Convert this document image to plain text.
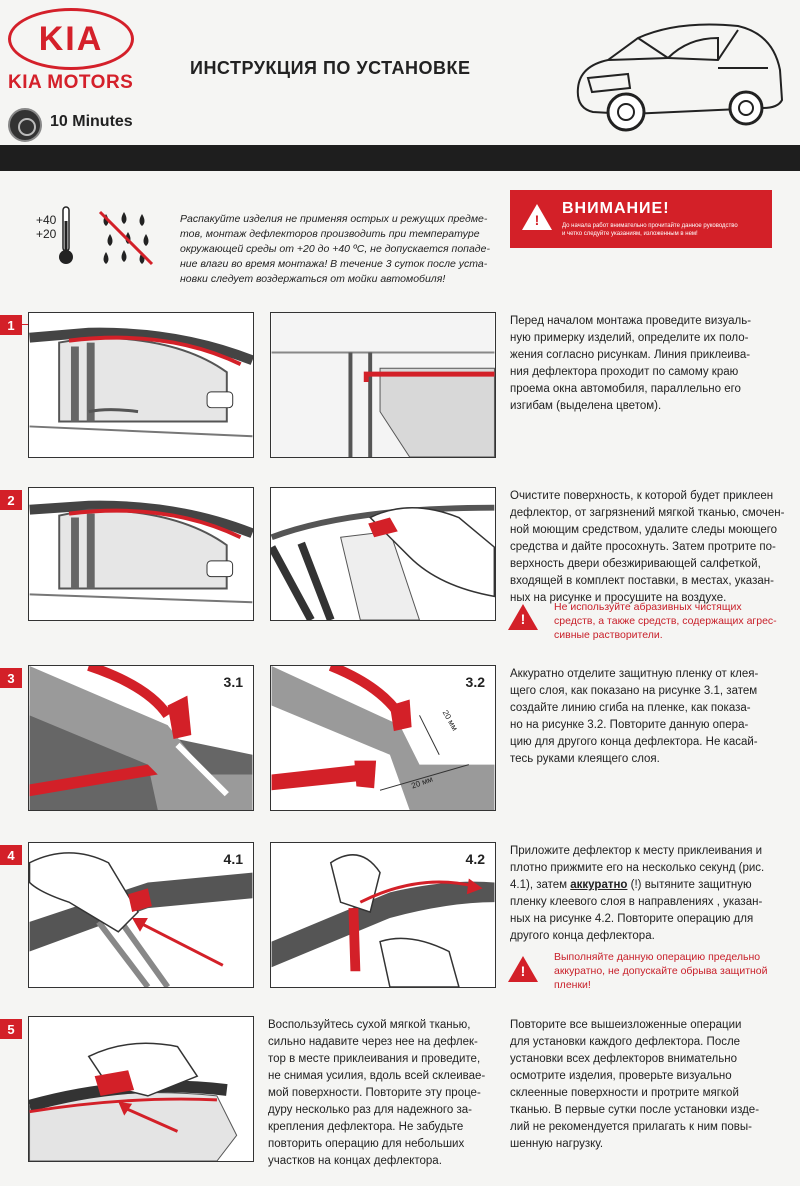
KIA
KIA MOTORS
10 Minutes
ИНСТРУКЦИЯ ПО УСТАНОВКЕ
+40
+20
Распакуйте изделия не применяя острых и режущих предме-
тов, монтаж дефлекторов производить при температуре
окружающей среды от +20 до +40 ºС, не допускается попаде-
ние влаги во время монтажа! В течение 3 суток после уста-
новки следует воздержаться от мойки автомобиля!
!
ВНИМАНИЕ!
До начала работ внимательно прочитайте данное руководство
и четко следуйте указаниям, изложенным в нем!
1	Перед началом монтажа проведите визуаль-
ную примерку изделий, определите их поло-
жения согласно рисункам. Линия приклеива-
ния дефлектора проходит по самому краю
проема окна автомобиля, параллельно его
изгибам (выделена цветом).
2	Очистите поверхность, к которой будет приклеен
дефлектор, от загрязнений мягкой тканью, смочен-
ной моющим средством, удалите следы моющего
средства и дайте просохнуть. Затем протрите по-
верхность двери обезжиривающей салфеткой,
входящей в комплект поставки, в местах, указан-
ных на рисунке и просушите на воздухе.
!
Не используйте абразивных чистящих
средств, а также средств, содержащих агрес-
сивные растворители.
3	3.1	3.2
20 мм
20 мм
Аккуратно отделите защитную пленку от клея-
щего слоя, как показано на рисунке 3.1, затем
создайте линию сгиба на пленке, как показа-
но на рисунке 3.2. Повторите данную опера-
цию для другого конца дефлектора. Не касай-
тесь руками клеящего слоя.
4	4.1	4.2 Приложите дефлектор к месту приклеивания и
плотно прижмите его на несколько секунд (рис.
4.1), затем аккуратно (!) вытяните защитную
пленку клеевого слоя в направлениях , указан-
ных на рисунке 4.2. Повторите операцию для
другого конца дефлектора.
!
Выполняйте данную операцию предельно
аккуратно, не допускайте обрыва защитной
пленки!
5	Воспользуйтесь сухой мягкой тканью,
сильно надавите через нее на дефлек-
тор в месте приклеивания и проведите,
не снимая усилия, вдоль всей склеивае-
мой поверхности. Повторите эту проце-
дуру несколько раз для надежного за-
крепления дефлектора. Не забудьте
повторить операцию для небольших
участков на концах дефлектора.
Повторите все вышеизложенные операции
для установки каждого дефлектора. После
установки всех дефлекторов внимательно
осмотрите изделия, проверьте визуально
склеенные поверхности и протрите мягкой
тканью. В первые сутки после установки изде-
лий не рекомендуется прилагать к ним повы-
шенную нагрузку.
